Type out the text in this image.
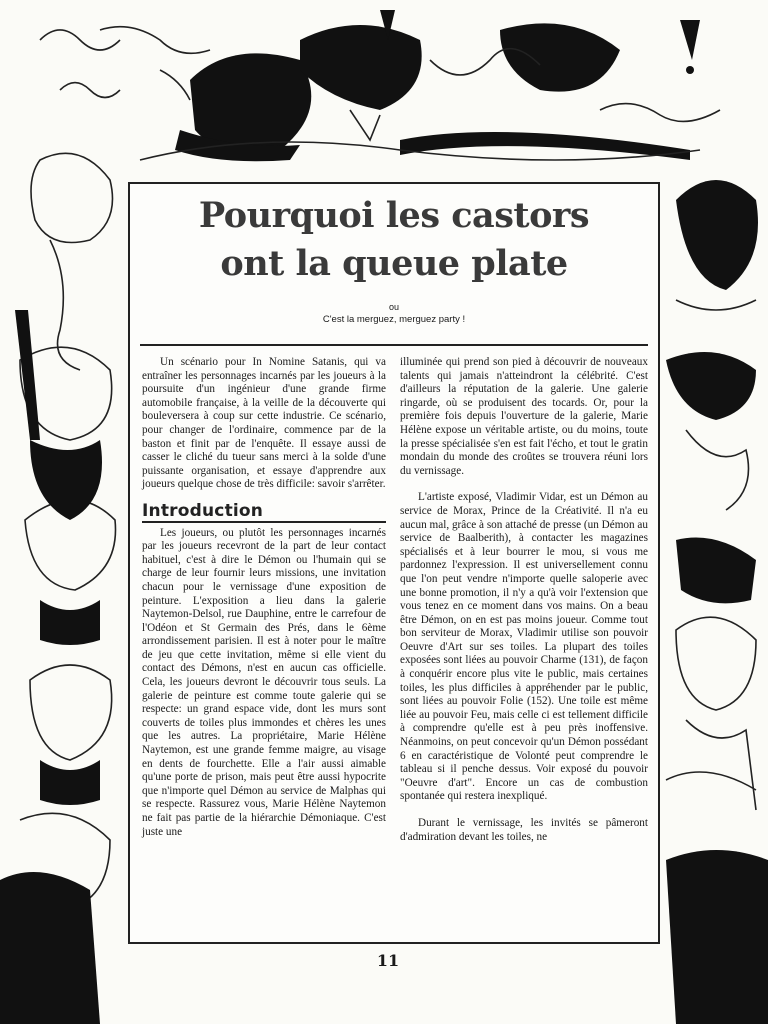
Pourquoi les castors
ont la queue plate

ou

C'est la merguez, merguez party !

Un scénario pour In Nomine Satanis, qui va entraîner les personnages incarnés par les joueurs à la poursuite d'un ingénieur d'une grande firme automobile française, à la veille de la découverte qui bouleversera à coup sur cette industrie. Ce scénario, pour changer de l'ordinaire, commence par de la baston et finit par de l'enquête. Il essaye aussi de casser le cliché du tueur sans merci à la solde d'une puissante organisation, et essaye d'apprendre aux joueurs quelque chose de très difficile: savoir s'arrêter.

Introduction

Les joueurs, ou plutôt les personnages incarnés par les joueurs recevront de la part de leur contact habituel, c'est à dire le Démon ou l'humain qui se charge de leur fournir leurs missions, une invitation chacun pour le vernissage d'une exposition de peinture. L'exposition a lieu dans la galerie Naytemon-Delsol, rue Dauphine, entre le carrefour de l'Odéon et St Germain des Prés, dans le 6ème arrondissement parisien. Il est à noter pour le maître de jeu que cette invitation, même si elle vient du contact des Démons, n'est en aucun cas officielle. Cela, les joueurs devront le découvrir tous seuls. La galerie de peinture est comme toute galerie qui se respecte: un grand espace vide, dont les murs sont couverts de toiles plus immondes et chères les unes que les autres. La propriétaire, Marie Hélène Naytemon, est une grande femme maigre, au visage en dents de fourchette. Elle a l'air aussi aimable qu'une porte de prison, mais peut être aussi hypocrite que n'importe quel Démon au service de Malphas qui se respecte. Rassurez vous, Marie Hélène Naytemon ne fait pas partie de la hiérarchie Démoniaque. C'est juste une

illuminée qui prend son pied à découvrir de nouveaux talents qui jamais n'atteindront la célébrité. C'est d'ailleurs la réputation de la galerie. Une galerie ringarde, où se produisent des tocards. Or, pour la première fois depuis l'ouverture de la galerie, Marie Hélène expose un véritable artiste, ou du moins, toute la presse spécialisée s'en est fait l'écho, et tout le gratin mondain du monde des croûtes se trouvera réuni lors du vernissage.

L'artiste exposé, Vladimir Vidar, est un Démon au service de Morax, Prince de la Créativité. Il n'a eu aucun mal, grâce à son attaché de presse (un Démon au service de Baalberith), à contacter les magazines spécialisés et à leur bourrer le mou, si vous me pardonnez l'expression. Il est universellement connu que l'on peut vendre n'importe quelle saloperie avec une bonne promotion, il n'y a qu'à voir l'extension que vous tenez en ce moment dans vos mains. On a beau être Démon, on en est pas moins joueur. Comme tout bon serviteur de Morax, Vladimir utilise son pouvoir Oeuvre d'Art sur ses toiles. La plupart des toiles exposées sont liées au pouvoir Charme (131), de façon à conquérir encore plus vite le public, mais certaines toiles, les plus difficiles à appréhender par le public, sont liées au pouvoir Folie (152). Une toile est même liée au pouvoir Feu, mais celle ci est tellement difficile à comprendre qu'elle est à peu près inoffensive. Néanmoins, on peut concevoir qu'un Démon possédant 6 en caractéristique de Volonté peut comprendre le tableau si il penche dessus. Voir exposé du pouvoir "Oeuvre d'art". Encore un cas de combustion spontanée qui restera inexpliqué.

Durant le vernissage, les invités se pâmeront d'admiration devant les toiles, ne

11
